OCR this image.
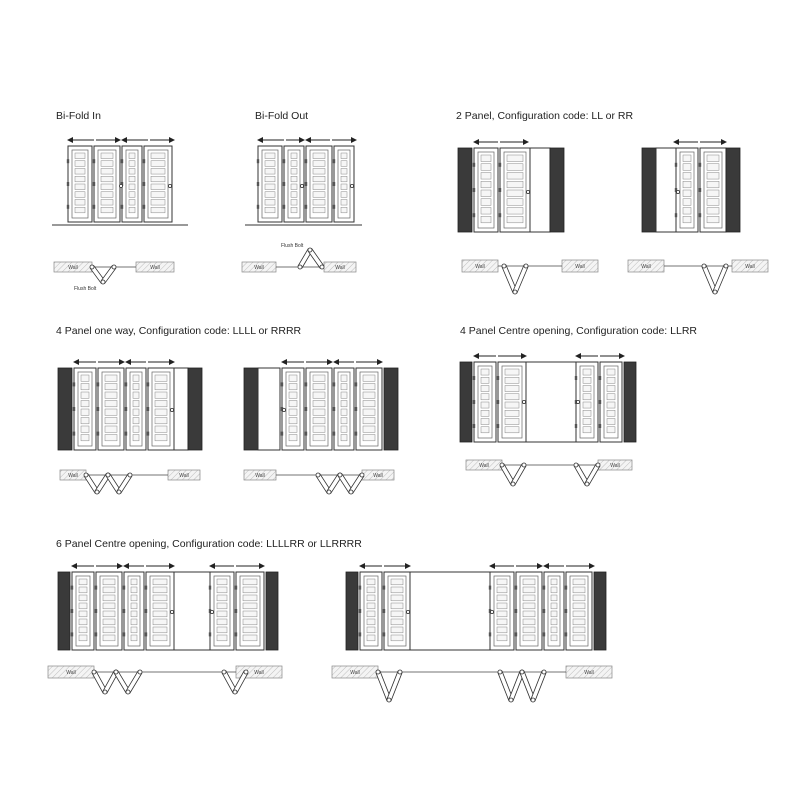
Bi-Fold In	Bi-Fold Out	2 Panel, Configuration code: LL or RR
4 Panel one way, Configuration code: LLLL or RRRR	4 Panel Centre opening, Configuration code: LLRR
6 Panel Centre opening, Configuration code: LLLLRR or LLRRRR
Wall	Wall
Flush Bolt
Wall	Wall
Flush Bolt
Wall	Wall	Wall	Wall
Wall	Wall	Wall	Wall
Wall	Wall
Wall	Wall	Wall	Wall
